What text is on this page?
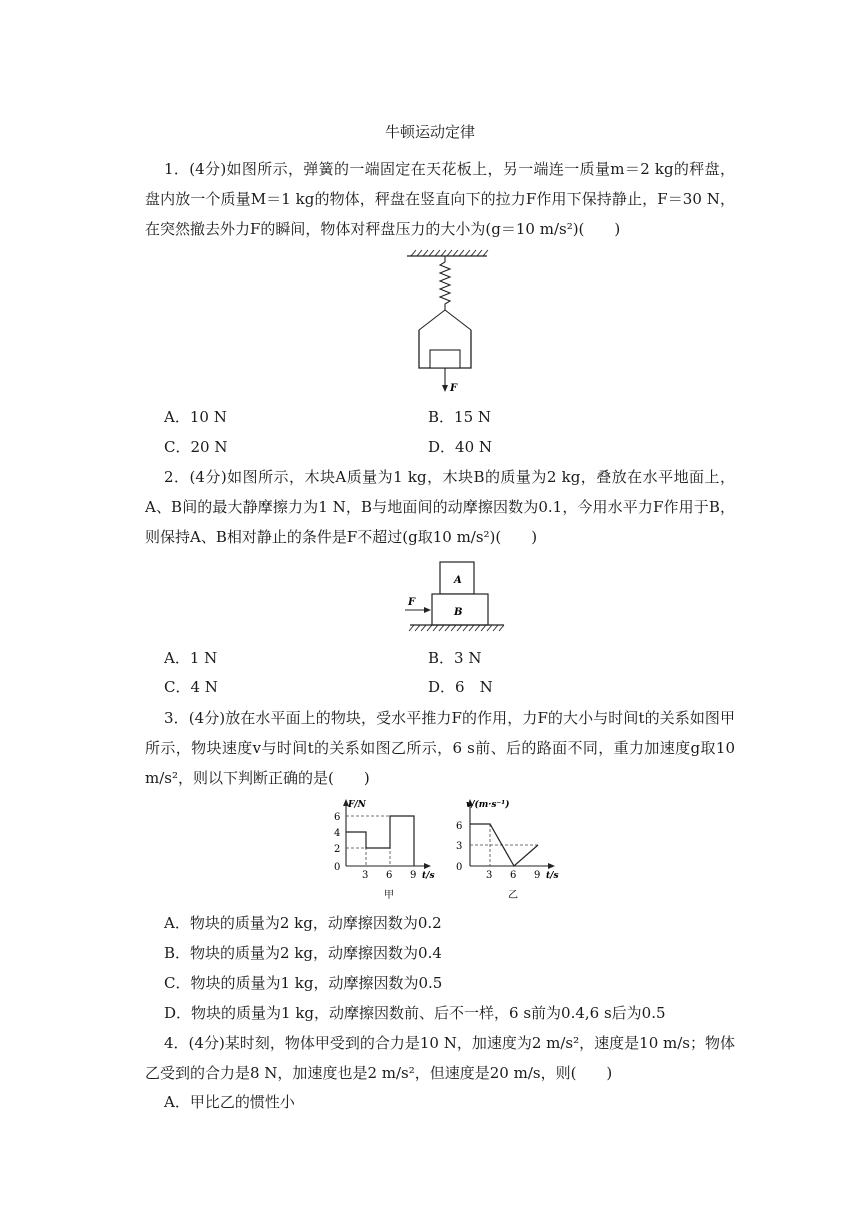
牛顿运动定律

1．(4分)如图所示，弹簧的一端固定在天花板上，另一端连一质量m＝2 kg的秤盘，盘内放一个质量M＝1 kg的物体，秤盘在竖直向下的拉力F作用下保持静止，F＝30 N，在突然撤去外力F的瞬间，物体对秤盘压力的大小为(g＝10 m/s²)(　　)

F
A．10 N	B．15 N
C．20 N	D．40 N

2．(4分)如图所示，木块A质量为1 kg，木块B的质量为2 kg，叠放在水平地面上，A、B间的最大静摩擦力为1 N，B与地面间的动摩擦因数为0.1，今用水平力F作用于B，则保持A、B相对静止的条件是F不超过(g取10 m/s²)(　　)

A
B
F
A．1 N	B．3 N
C．4 N	D．6　N

3．(4分)放在水平面上的物块，受水平推力F的作用，力F的大小与时间t的关系如图甲所示，物块速度v与时间t的关系如图乙所示，6 s前、后的路面不同，重力加速度g取10 m/s²，则以下判断正确的是(　　)

F/N
t/s
6
4
2
0
3 6 9
甲
v/(m·s⁻¹)
t/s
6
3
0
3 6 9
乙
A．物块的质量为2 kg，动摩擦因数为0.2
B．物块的质量为2 kg，动摩擦因数为0.4
C．物块的质量为1 kg，动摩擦因数为0.5
D．物块的质量为1 kg，动摩擦因数前、后不一样，6 s前为0.4,6 s后为0.5

4．(4分)某时刻，物体甲受到的合力是10 N，加速度为2 m/s²，速度是10 m/s；物体乙受到的合力是8 N，加速度也是2 m/s²，但速度是20 m/s，则(　　)

A．甲比乙的惯性小
